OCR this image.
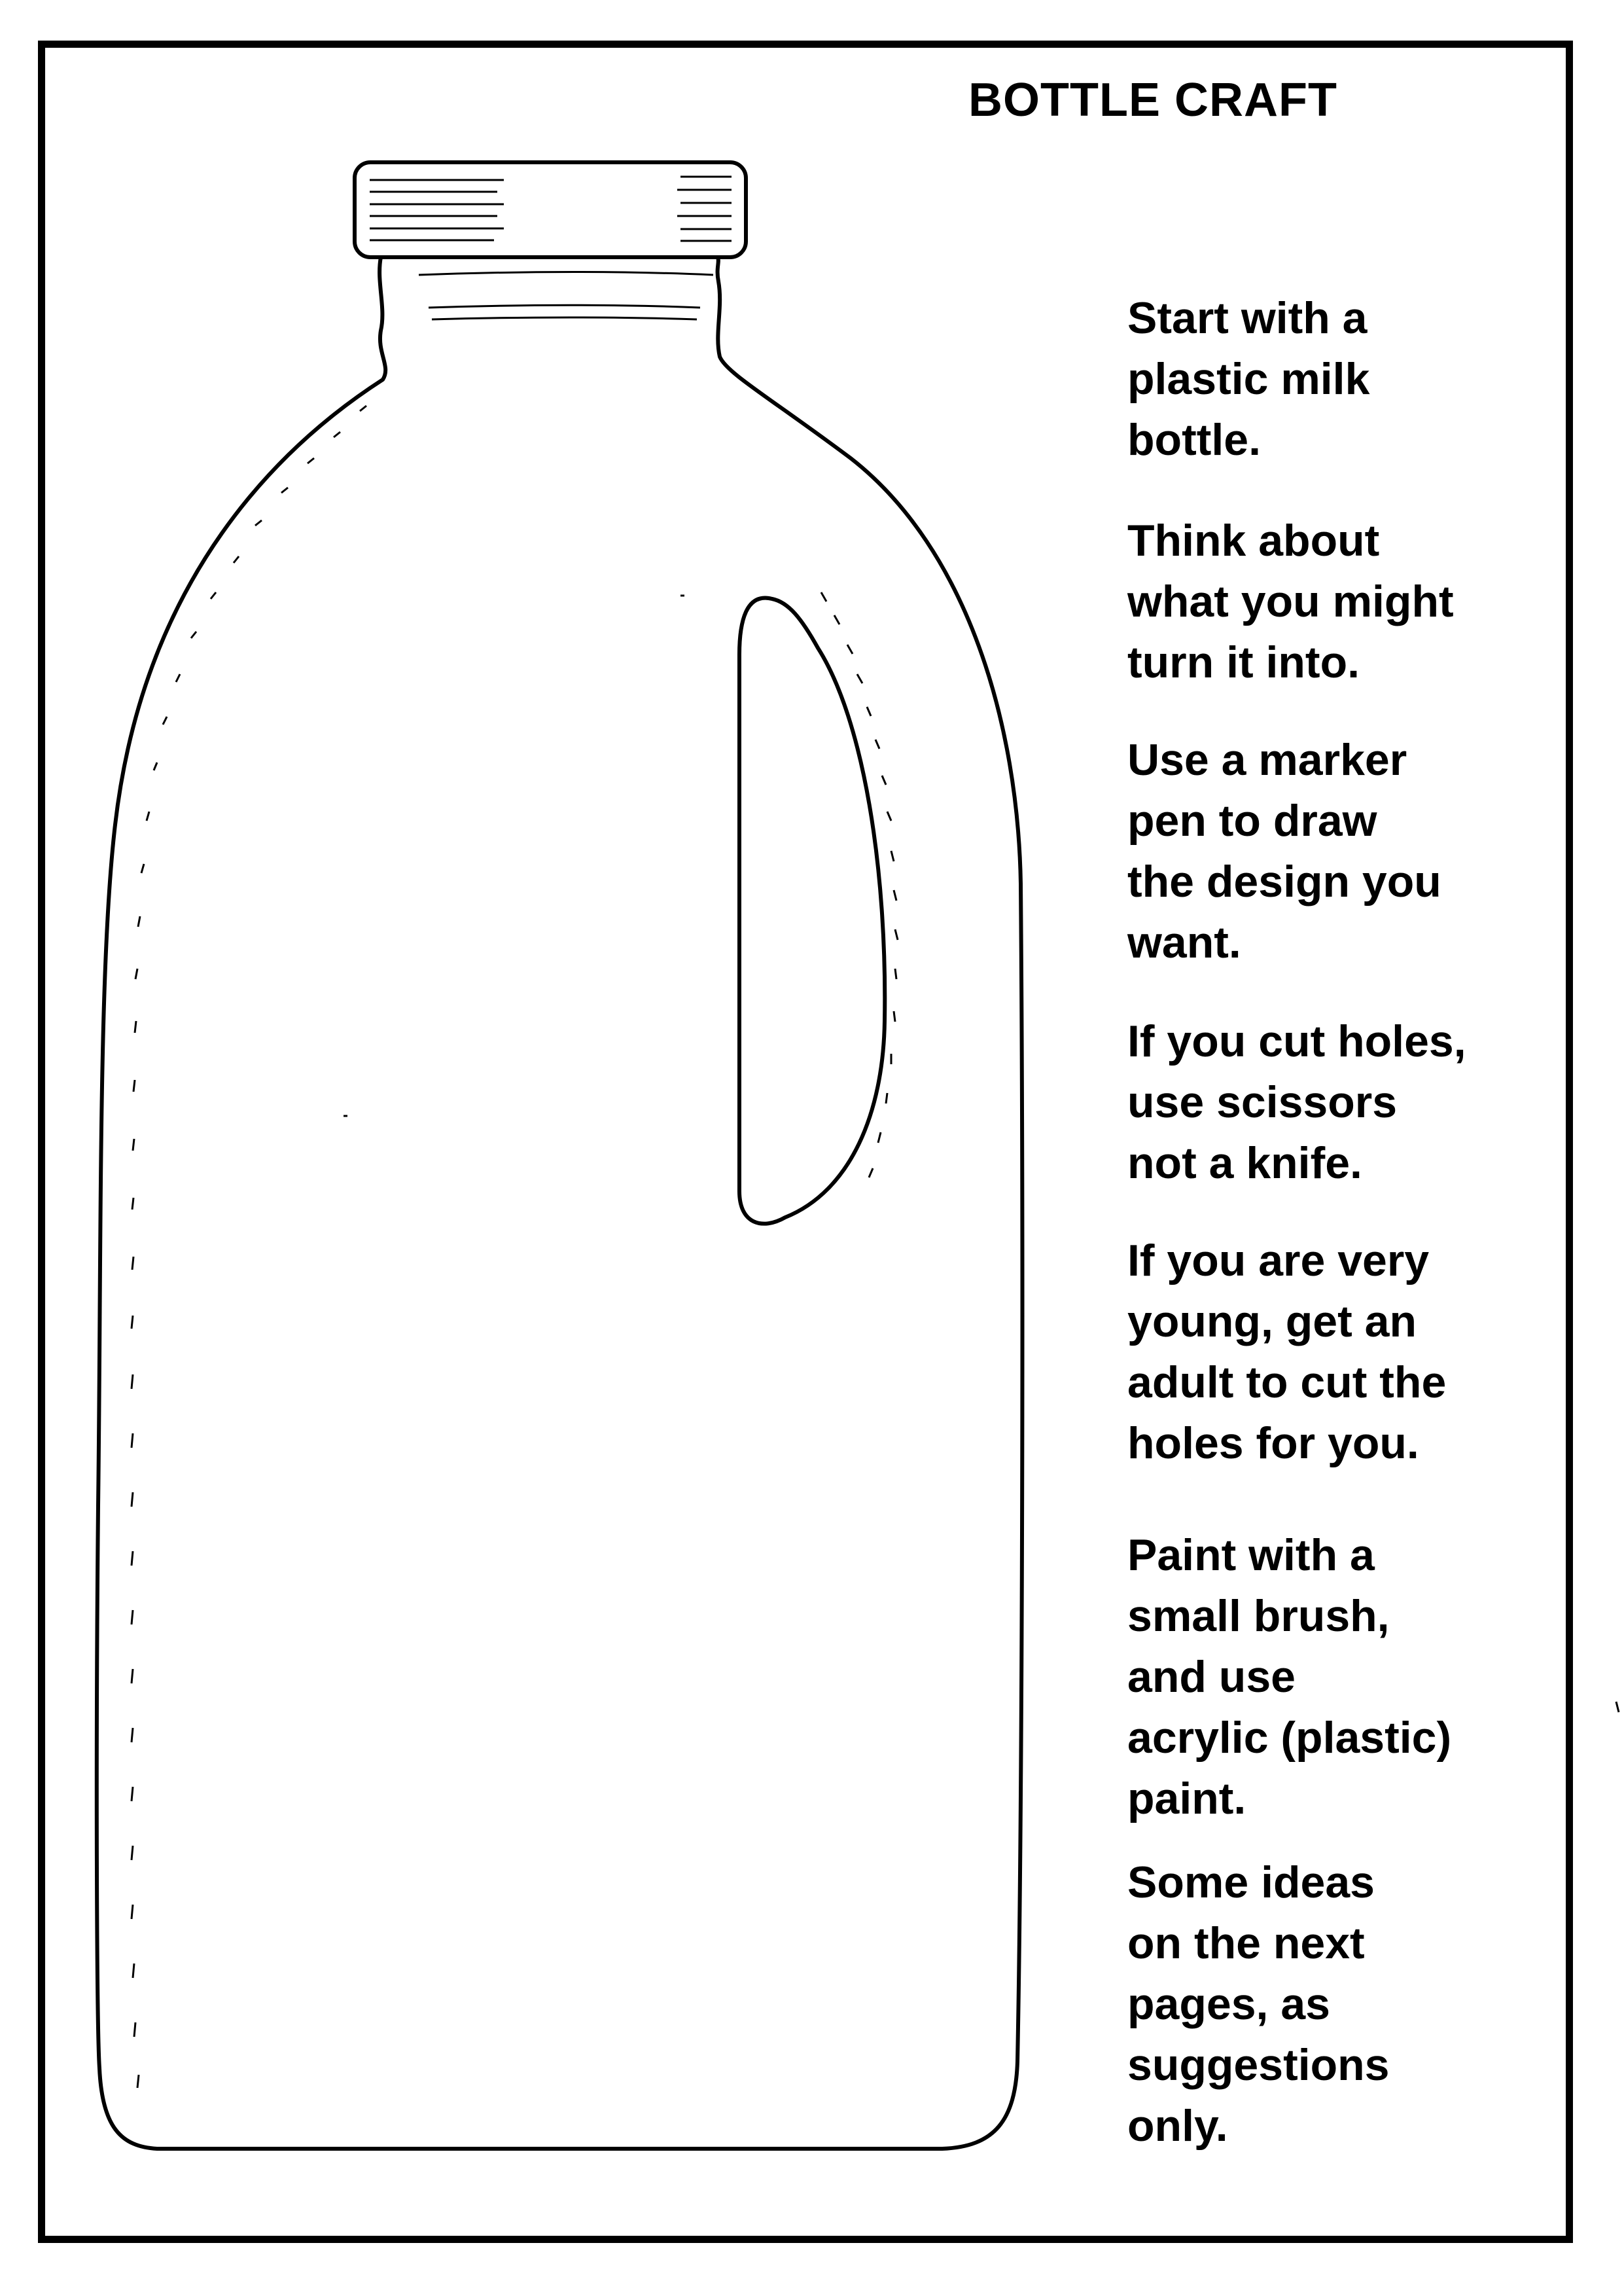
BOTTLE CRAFT
Start with a
plastic milk
bottle.
Think about
what you might
turn it into.
Use a marker
pen to draw
the design you
want.
If you cut holes,
use scissors
not a knife.
If you are very
young, get an
adult to cut the
holes for you.
Paint with a
small brush,
and use
acrylic (plastic)
paint.
Some ideas
on the next
pages, as
suggestions
only.
